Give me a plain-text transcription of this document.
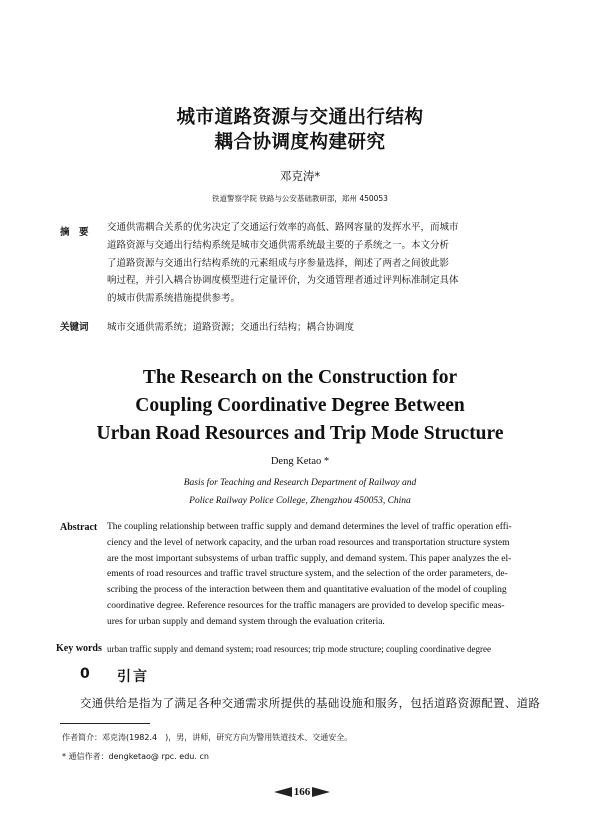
城市道路资源与交通出行结构
耦合协调度构建研究
邓克涛*
铁道警察学院 铁路与公安基础教研部，郑州 450053
摘　要 交通供需耦合关系的优劣决定了交通运行效率的高低、路网容量的发挥水平，而城市
道路资源与交通出行结构系统是城市交通供需系统最主要的子系统之一。本文分析
了道路资源与交通出行结构系统的元素组成与序参量选择，阐述了两者之间彼此影
响过程，并引入耦合协调度模型进行定量评价，为交通管理者通过评判标准制定具体
的城市供需系统措施提供参考。
关键词 城市交通供需系统；道路资源；交通出行结构；耦合协调度
The Research on the Construction for
Coupling Coordinative Degree Between
Urban Road Resources and Trip Mode Structure
Deng Ketao *
Basis for Teaching and Research Department of Railway and
Police Railway Police College, Zhengzhou 450053, China
Abstract The coupling relationship between traffic supply and demand determines the level of traffic operation effi-
ciency and the level of network capacity, and the urban road resources and transportation structure system
are the most important subsystems of urban traffic supply, and demand system. This paper analyzes the el-
ements of road resources and traffic travel structure system, and the selection of the order parameters, de-
scribing the process of the interaction between them and quantitative evaluation of the model of coupling
coordinative degree. Reference resources for the traffic managers are provided to develop specific meas-
ures for urban supply and demand system through the evaluation criteria.
Key words urban traffic supply and demand system; road resources; trip mode structure; coupling coordinative degree
0 引言
交通供给是指为了满足各种交通需求所提供的基础设施和服务，包括道路资源配置、道路
作者简介：邓克涛(1982.4　)，男，讲师，研究方向为警用铁道技术、交通安全。
* 通信作者：dengketao@ rpc. edu. cn
166
